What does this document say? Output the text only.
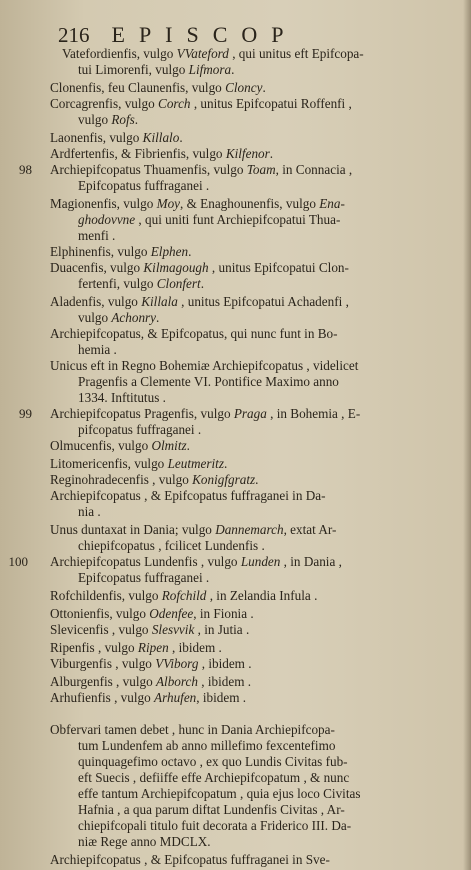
216 EPISCOP
Vatefordienfis, vulgo VVateford , qui unitus eft Epifcopa-
tui Limorenfi, vulgo Lifmora.
Clonenfis, feu Claunenfis, vulgo Cloncy.
Corcagrenfis, vulgo Corch , unitus Epifcopatui Roffenfi ,
vulgo Rofs.
Laonenfis, vulgo Killalo.
Ardfertenfis, & Fibrienfis, vulgo Kilfenor.
98 Archiepifcopatus Thuamenfis, vulgo Toam, in Connacia ,
Epifcopatus fuffraganei .
Magionenfis, vulgo Moy, & Enaghounenfis, vulgo Ena-
ghodovvne , qui uniti funt Archiepifcopatui Thua-
menfi .
Elphinenfis, vulgo Elphen.
Duacenfis, vulgo Kilmagough , unitus Epifcopatui Clon-
fertenfi, vulgo Clonfert.
Aladenfis, vulgo Killala , unitus Epifcopatui Achadenfi ,
vulgo Achonry.
Archiepifcopatus, & Epifcopatus, qui nunc funt in Bo-
hemia .
Unicus eft in Regno Bohemiæ Archiepifcopatus , videlicet
Pragenfis a Clemente VI. Pontifice Maximo anno
1334. Inftitutus .
99 Archiepifcopatus Pragenfis, vulgo Praga , in Bohemia , E-
pifcopatus fuffraganei .
Olmucenfis, vulgo Olmitz.
Litomericenfis, vulgo Leutmeritz.
Reginohradecenfis , vulgo Konigfgratz.
Archiepifcopatus , & Epifcopatus fuffraganei in Da-
nia .
Unus duntaxat in Dania; vulgo Dannemarch, extat Ar-
chiepifcopatus , fcilicet Lundenfis .
100 Archiepifcopatus Lundenfis , vulgo Lunden , in Dania ,
Epifcopatus fuffraganei .
Rofchildenfis, vulgo Rofchild , in Zelandia Infula .
Ottonienfis, vulgo Odenfee, in Fionia .
Slevicenfis , vulgo Slesvvik , in Jutia .
Ripenfis , vulgo Ripen , ibidem .
Viburgenfis , vulgo VViborg , ibidem .
Alburgenfis , vulgo Alborch , ibidem .
Arhufienfis , vulgo Arhufen, ibidem .
Obfervari tamen debet , hunc in Dania Archiepifcopa-
tum Lundenfem ab anno millefimo fexcentefimo
quinquagefimo octavo , ex quo Lundis Civitas fub-
eft Suecis , defiiffe effe Archiepifcopatum , & nunc
effe tantum Archiepifcopatum , quia ejus loco Civitas
Hafnia , a qua parum diftat Lundenfis Civitas , Ar-
chiepifcopali titulo fuit decorata a Friderico III. Da-
niæ Rege anno MDCLX.
Archiepifcopatus , & Epifcopatus fuffraganei in Sve-
